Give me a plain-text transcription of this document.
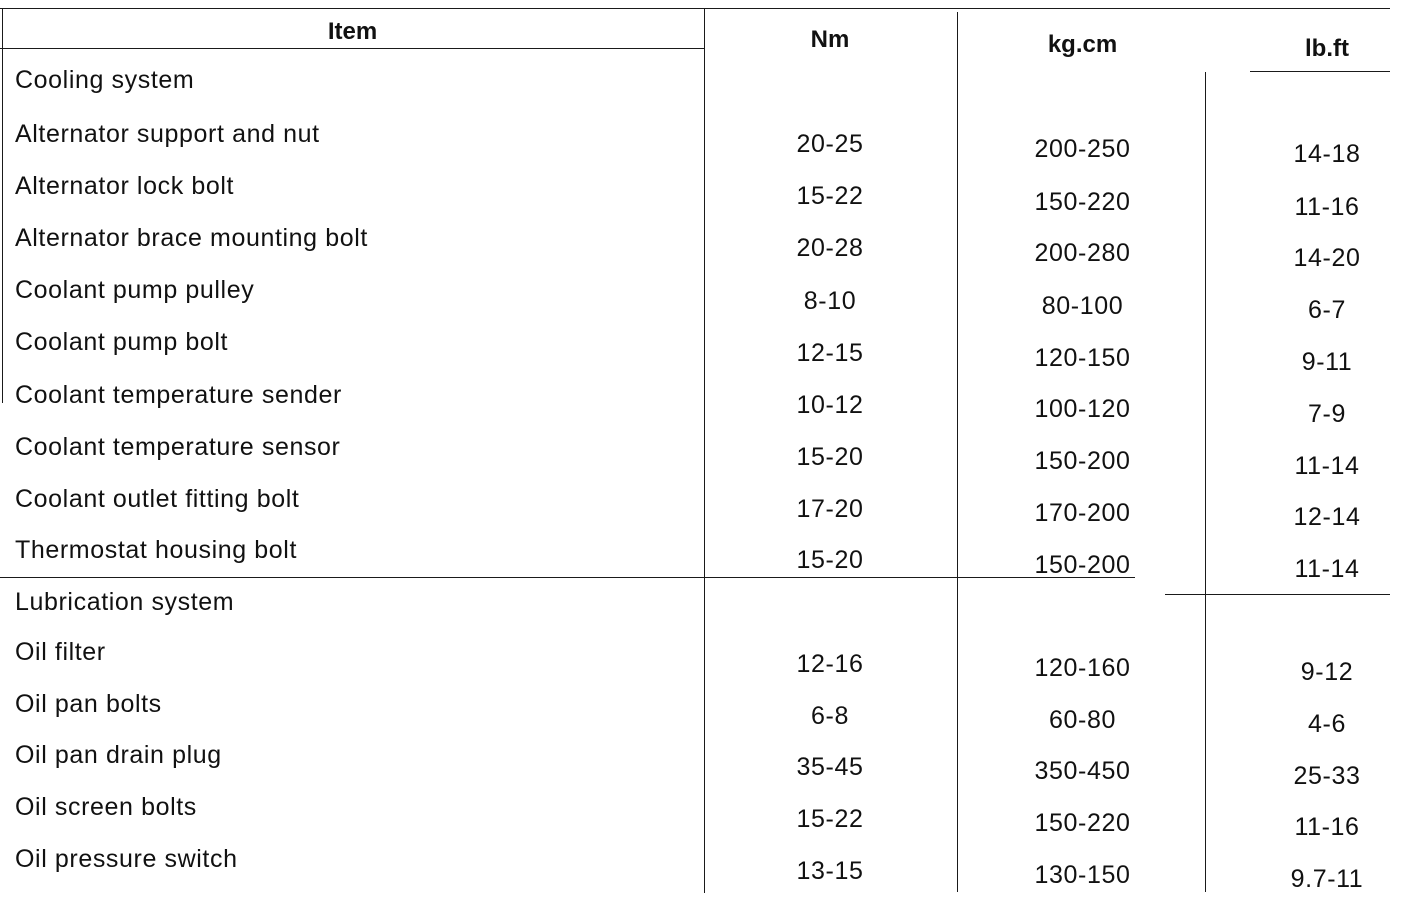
Item	Nm	kg.cm	lb.ft
Cooling system
Alternator support and nut	20-25	200-250	14-18
Alternator lock bolt	15-22	150-220	11-16
Alternator brace mounting bolt	20-28	200-280	14-20
Coolant pump pulley	8-10	80-100	6-7
Coolant pump bolt	12-15	120-150	9-11
Coolant temperature sender	10-12	100-120	7-9
Coolant temperature sensor	15-20	150-200	11-14
Coolant outlet fitting bolt	17-20	170-200	12-14
Thermostat housing bolt	15-20	150-200	11-14
Lubrication system
Oil filter	12-16	120-160	9-12
Oil pan bolts	6-8	60-80	4-6
Oil pan drain plug	35-45	350-450	25-33
Oil screen bolts	15-22	150-220	11-16
Oil pressure switch	13-15	130-150	9.7-11
